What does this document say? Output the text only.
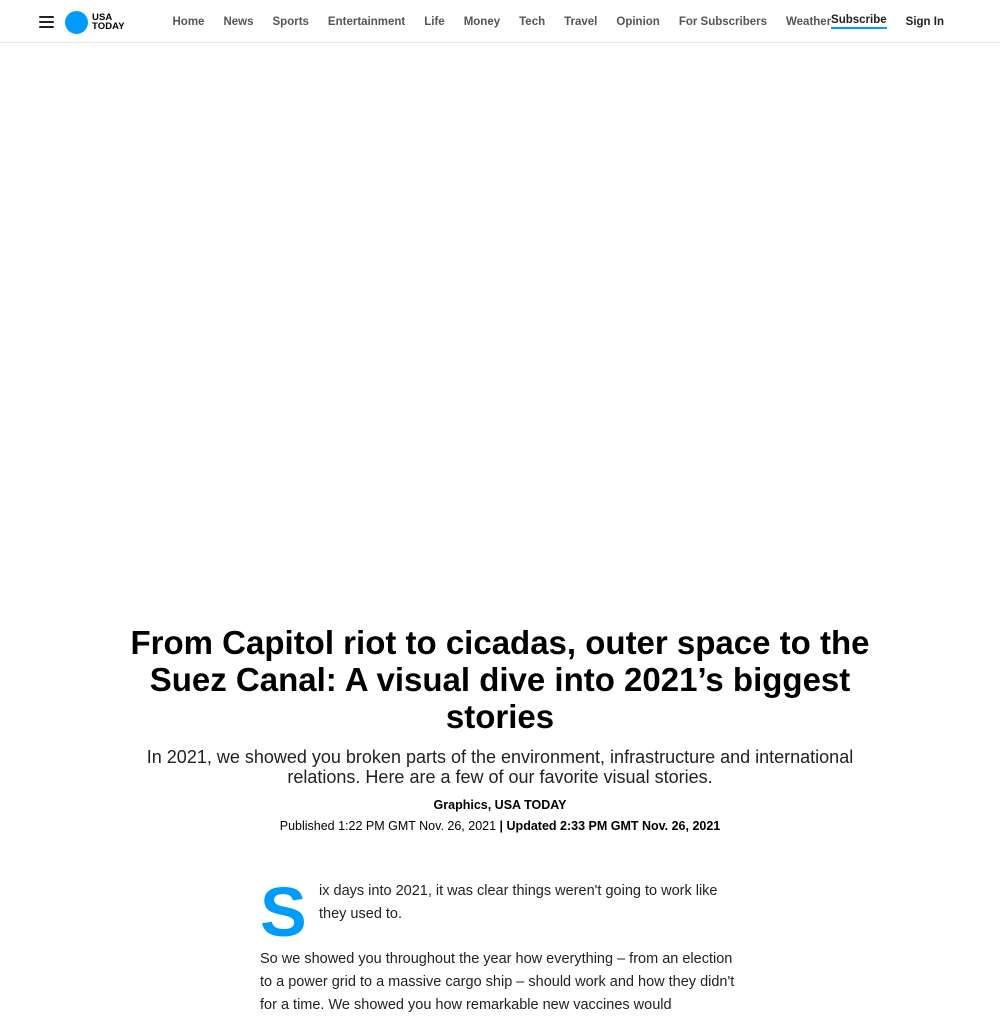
USA
TODAY	Home News Sports Entertainment Life Money Tech Travel Opinion For Subscribers Weather Subscribe Sign In
From Capitol riot to cicadas, outer space to the Suez Canal: A visual dive into 2021’s biggest stories

In 2021, we showed you broken parts of the environment, infrastructure and international relations. Here are a few of our favorite visual stories.

Graphics, USA TODAY
Published 1:22 PM GMT Nov. 26, 2021 | Updated 2:33 PM GMT Nov. 26, 2021

S ix days into 2021, it was clear things weren't going to work like they used to.

So we showed you throughout the year how everything – from an election to a power grid to a massive cargo ship – should work and how they didn't for a time. We showed you how remarkable new vaccines would
